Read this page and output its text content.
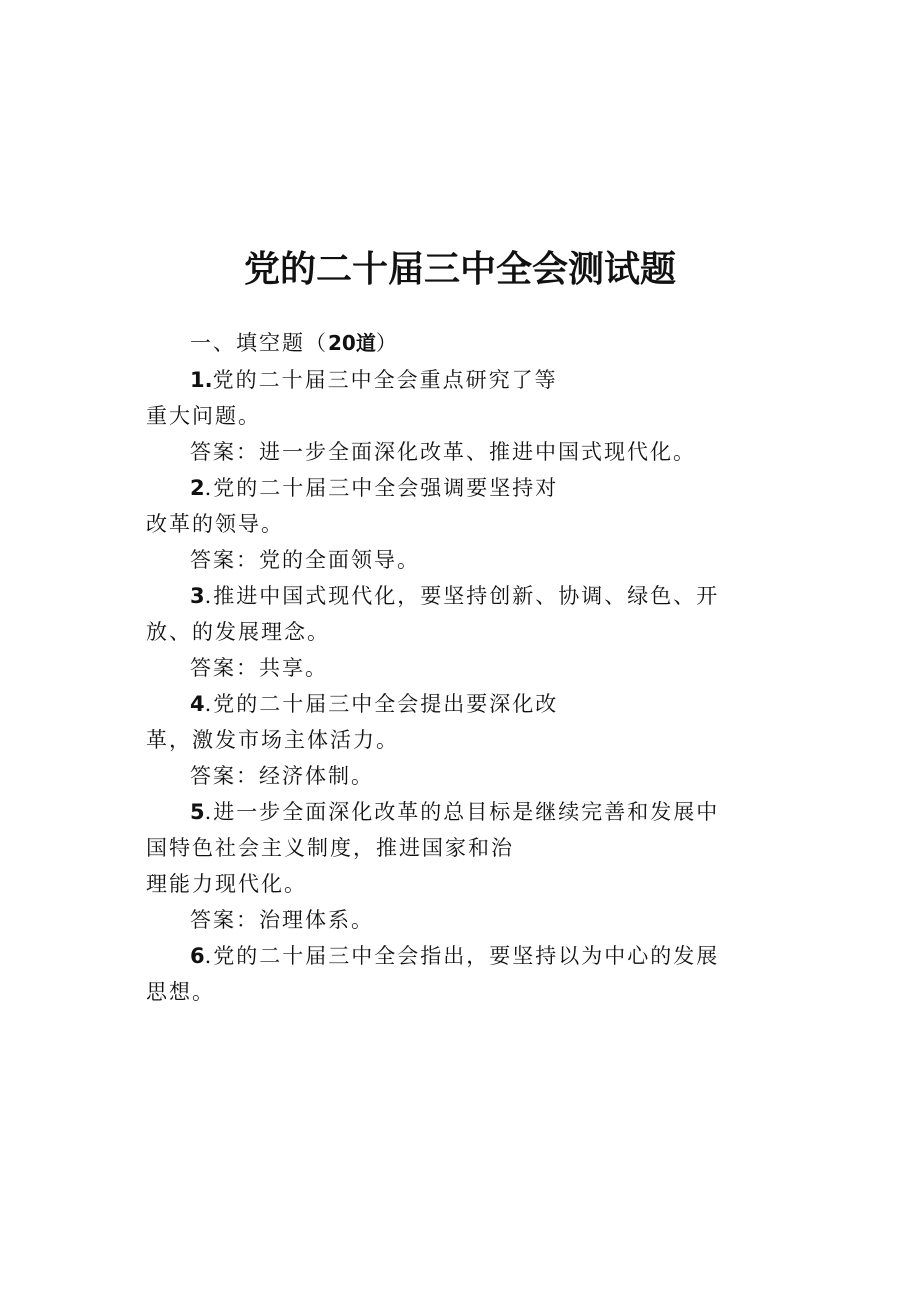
党的二十届三中全会测试题
一、填空题（20道）
1.党的二十届三中全会重点研究了等
重大问题。
答案：进一步全面深化改革、推进中国式现代化。
2.党的二十届三中全会强调要坚持对
改革的领导。
答案：党的全面领导。
3.推进中国式现代化，要坚持创新、协调、绿色、开
放、的发展理念。
答案：共享。
4.党的二十届三中全会提出要深化改
革，激发市场主体活力。
答案：经济体制。
5.进一步全面深化改革的总目标是继续完善和发展中
国特色社会主义制度，推进国家和治
理能力现代化。
答案：治理体系。
6.党的二十届三中全会指出，要坚持以为中心的发展
思想。
